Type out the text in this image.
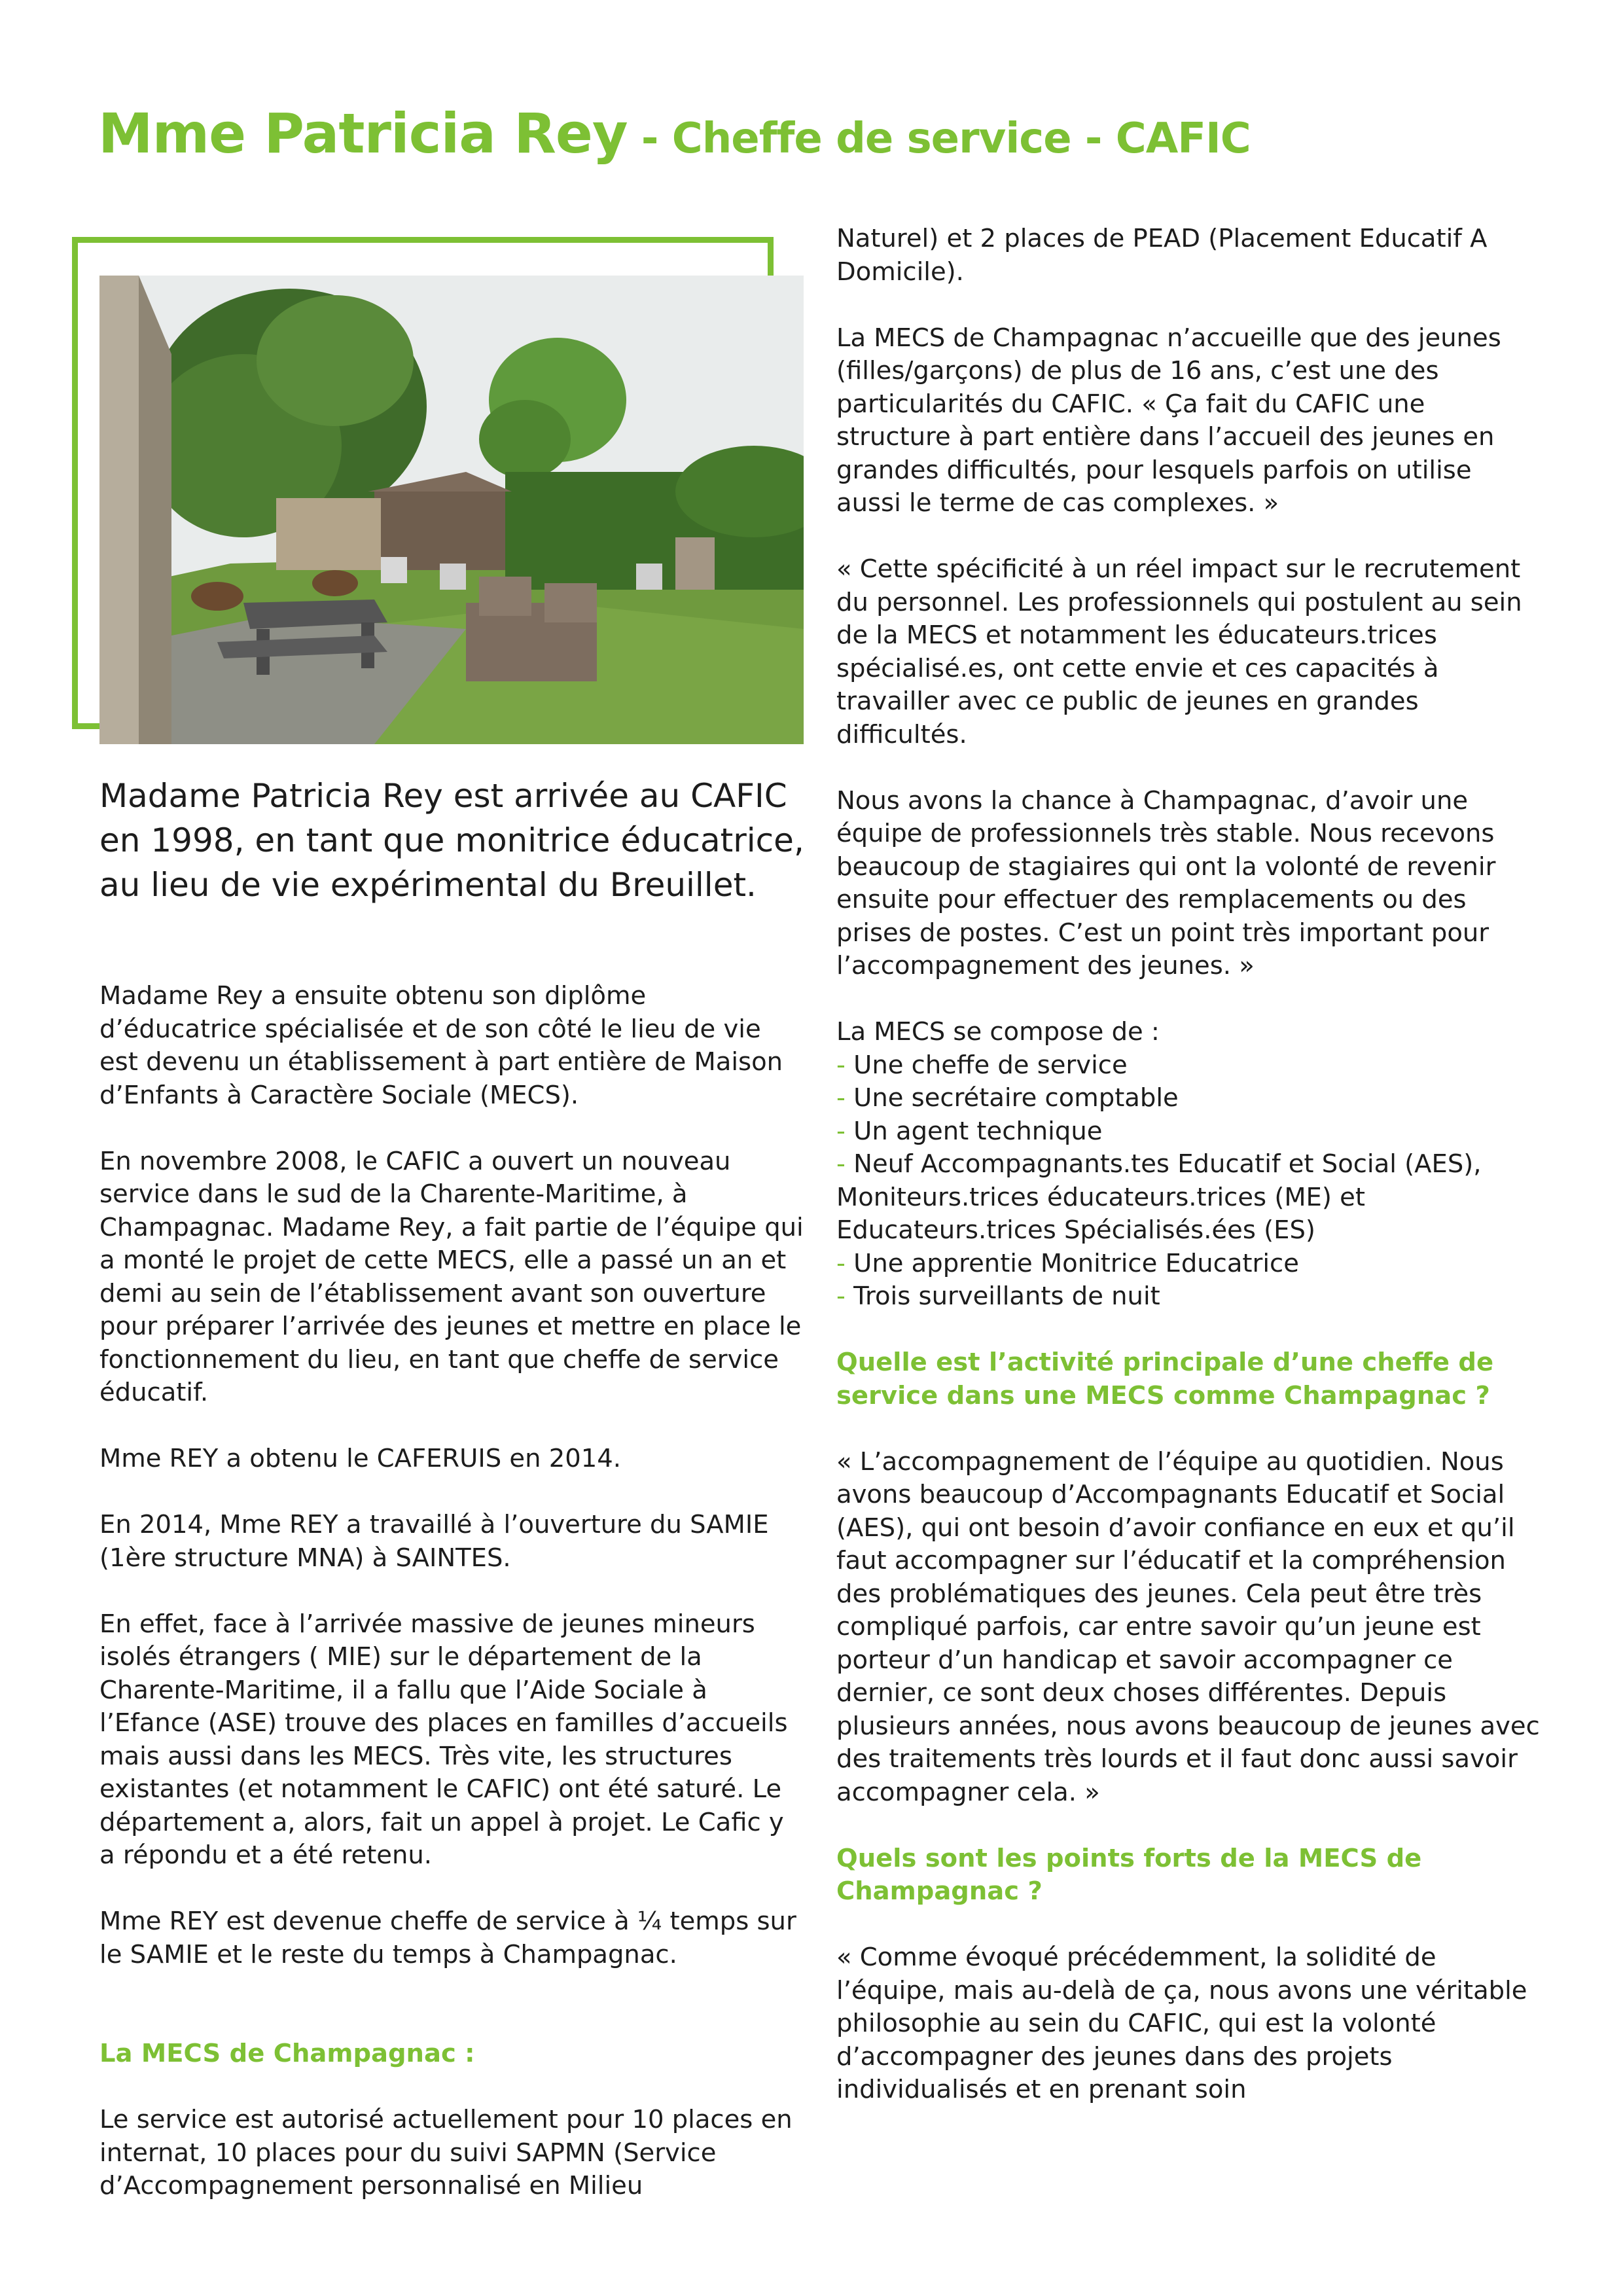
Mme Patricia Rey - Cheffe de service - CAFIC
Madame Patricia Rey est arrivée au CAFIC en 1998, en tant que monitrice éducatrice, au lieu de vie expérimental du Breuillet.

Madame Rey a ensuite obtenu son diplôme d’éducatrice spécialisée et de son côté le lieu de vie est devenu un établissement à part entière de Maison d’Enfants à Caractère Sociale (MECS).

En novembre 2008, le CAFIC a ouvert un nouveau service dans le sud de la Charente-Maritime, à Champagnac. Madame Rey, a fait partie de l’équipe qui a monté le projet de cette MECS, elle a passé un an et demi au sein de l’établissement avant son ouverture pour préparer l’arrivée des jeunes et mettre en place le fonctionnement du lieu, en tant que cheffe de service éducatif.

Mme REY a obtenu le CAFERUIS en 2014.

En 2014, Mme REY a travaillé à l’ouverture du SAMIE (1ère structure MNA) à SAINTES.

En effet, face à l’arrivée massive de jeunes mineurs isolés étrangers ( MIE) sur le département de la Charente-Maritime, il a fallu que l’Aide Sociale à l’Efance (ASE) trouve des places en familles d’accueils mais aussi dans les MECS. Très vite, les structures existantes (et notamment le CAFIC) ont été saturé. Le département a, alors, fait un appel à projet. Le Cafic y a répondu et a été retenu.

Mme REY est devenue cheffe de service à ¼ temps sur le SAMIE et le reste du temps à Champagnac.

La MECS de Champagnac :

Le service est autorisé actuellement pour 10 places en internat, 10 places pour du suivi SAPMN (Service d’Accompagnement personnalisé en Milieu

Naturel) et 2 places de PEAD (Placement Educatif A Domicile).

La MECS de Champagnac n’accueille que des jeunes (filles/garçons) de plus de 16 ans, c’est une des particularités du CAFIC. « Ça fait du CAFIC une structure à part entière dans l’accueil des jeunes en grandes difficultés, pour lesquels parfois on utilise aussi le terme de cas complexes. »

« Cette spécificité à un réel impact sur le recrutement du personnel. Les professionnels qui postulent au sein de la MECS et notamment les éducateurs.trices spécialisé.es, ont cette envie et ces capacités à travailler avec ce public de jeunes en grandes difficultés.

Nous avons la chance à Champagnac, d’avoir une équipe de professionnels très stable. Nous recevons beaucoup de stagiaires qui ont la volonté de revenir ensuite pour effectuer des remplacements ou des prises de postes. C’est un point très important pour l’accompagnement des jeunes. »

La MECS se compose de :

- Une cheffe de service
- Une secrétaire comptable
- Un agent technique
- Neuf Accompagnants.tes Educatif et Social (AES), Moniteurs.trices éducateurs.trices (ME) et Educateurs.trices Spécialisés.ées (ES)
- Une apprentie Monitrice Educatrice
- Trois surveillants de nuit

Quelle est l’activité principale d’une cheffe de service dans une MECS comme Champagnac ?

« L’accompagnement de l’équipe au quotidien. Nous avons beaucoup d’Accompagnants Educatif et Social (AES), qui ont besoin d’avoir confiance en eux et qu’il faut accompagner sur l’éducatif et la compréhension des problématiques des jeunes. Cela peut être très compliqué parfois, car entre savoir qu’un jeune est porteur d’un handicap et savoir accompagner ce dernier, ce sont deux choses différentes. Depuis plusieurs années, nous avons beaucoup de jeunes avec des traitements très lourds et il faut donc aussi savoir accompagner cela. »

Quels sont les points forts de la MECS de Champagnac ?

« Comme évoqué précédemment, la solidité de l’équipe, mais au-delà de ça, nous avons une véritable philosophie au sein du CAFIC, qui est la volonté d’accompagner des jeunes dans des projets individualisés et en prenant soin
